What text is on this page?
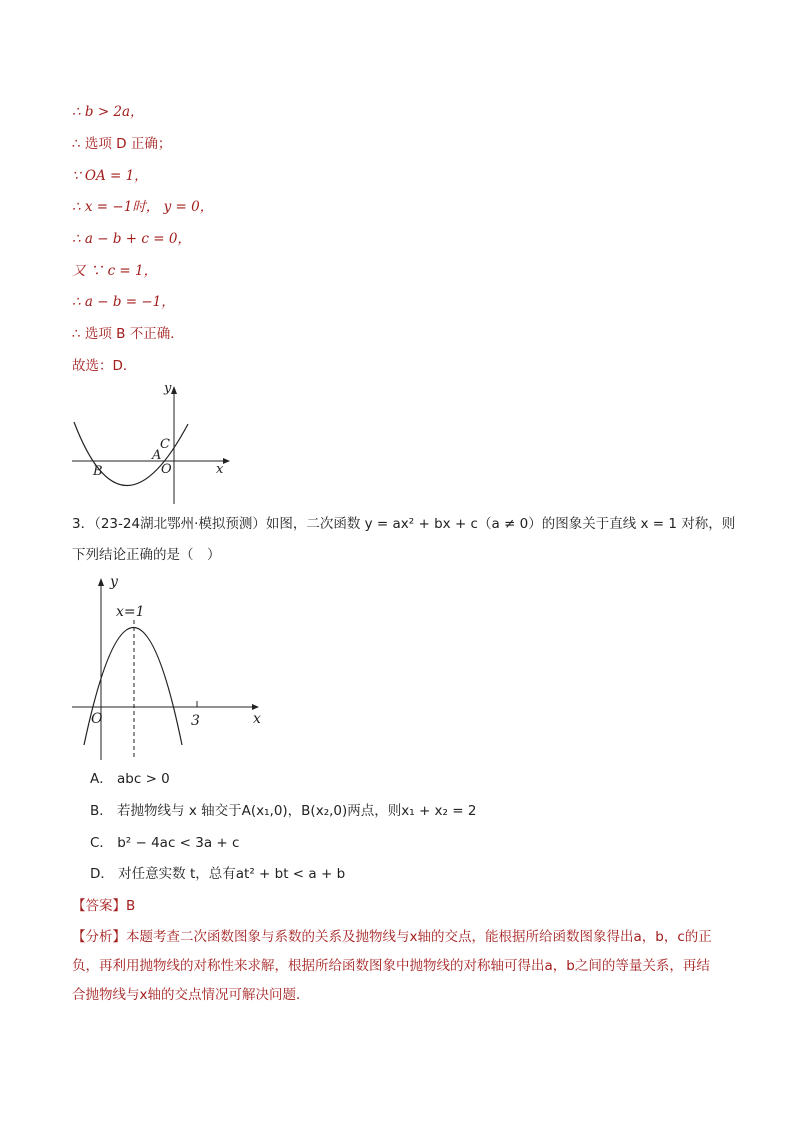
∴ b > 2a，
∴ 选项 D 正确；
∵ OA = 1，
∴ x = −1时， y = 0，
∴ a − b + c = 0，
又 ∵ c = 1，
∴ a − b = −1，
∴ 选项 B 不正确．
故选：D．
y
x
C
A
O
B
3．（23-24湖北鄂州·模拟预测）如图，二次函数 y = ax² + bx + c（a ≠ 0）的图象关于直线 x = 1 对称，则
下列结论正确的是（　）
y
x=1
x
3
O
A． abc > 0
B． 若抛物线与 x 轴交于A(x₁,0)，B(x₂,0)两点，则x₁ + x₂ = 2
C． b² − 4ac < 3a + c
D． 对任意实数 t，总有at² + bt < a + b
【答案】B
【分析】本题考查二次函数图象与系数的关系及抛物线与x轴的交点，能根据所给函数图象得出a，b，c的正负，再利用抛物线的对称性来求解，根据所给函数图象中抛物线的对称轴可得出a，b之间的等量关系，再结合抛物线与x轴的交点情况可解决问题．
